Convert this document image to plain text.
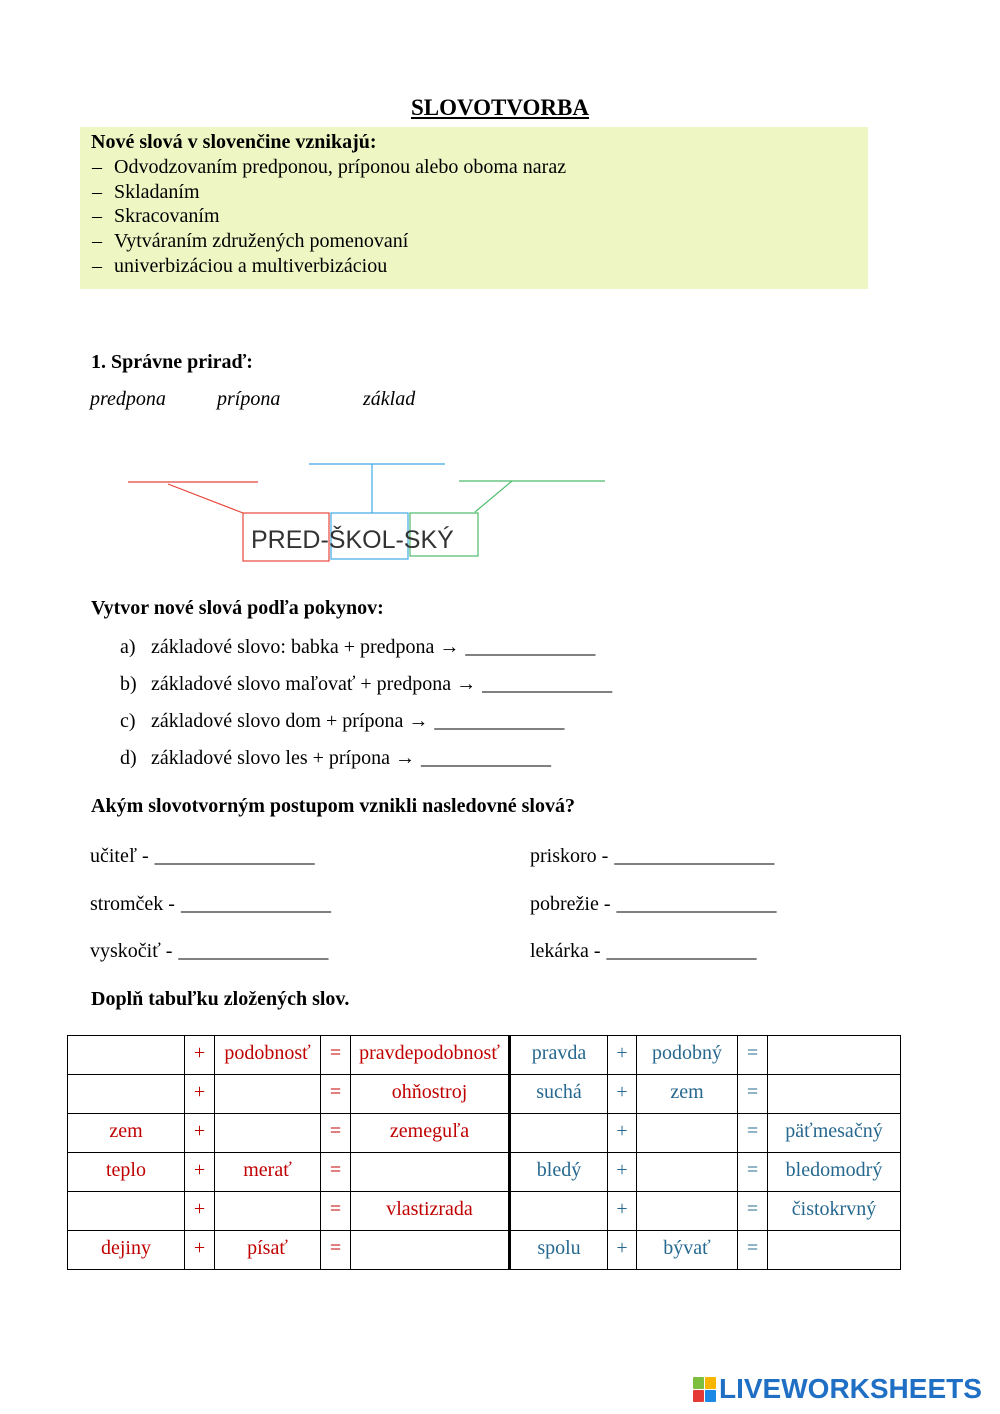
SLOVOTVORBA
Nové slová v slovenčine vznikajú:
– Odvodzovaním predponou, príponou alebo oboma naraz
– Skladaním
– Skracovaním
– Vytváraním združených pomenovaní
– univerbizáciou a multiverbizáciou
1. Správne priraď:
predpona	prípona	základ
PRED-ŠKOL-SKÝ
Vytvor nové slová podľa pokynov:
a) základové slovo: babka + predpona → _____________
b) základové slovo maľovať + predpona → _____________
c) základové slovo dom + prípona → _____________
d) základové slovo les + prípona → _____________
Akým slovotvorným postupom vznikli nasledovné slová?
učiteľ - ________________
stromček - _______________
vyskočiť - _______________
priskoro - ________________
pobrežie - ________________
lekárka - _______________
Doplň tabuľku zložených slov.
	+	podobnosť	=	pravdepodobnosť	pravda	+	podobný	=	
	+		=	ohňostroj	suchá	+	zem	=	
zem	+		=	zemeguľa		+		=	päťmesačný
teplo	+	merať	=		bledý	+		=	bledomodrý
	+		=	vlastizrada		+		=	čistokrvný
dejiny	+	písať	=		spolu	+	bývať	=	
LIVEWORKSHEETS
